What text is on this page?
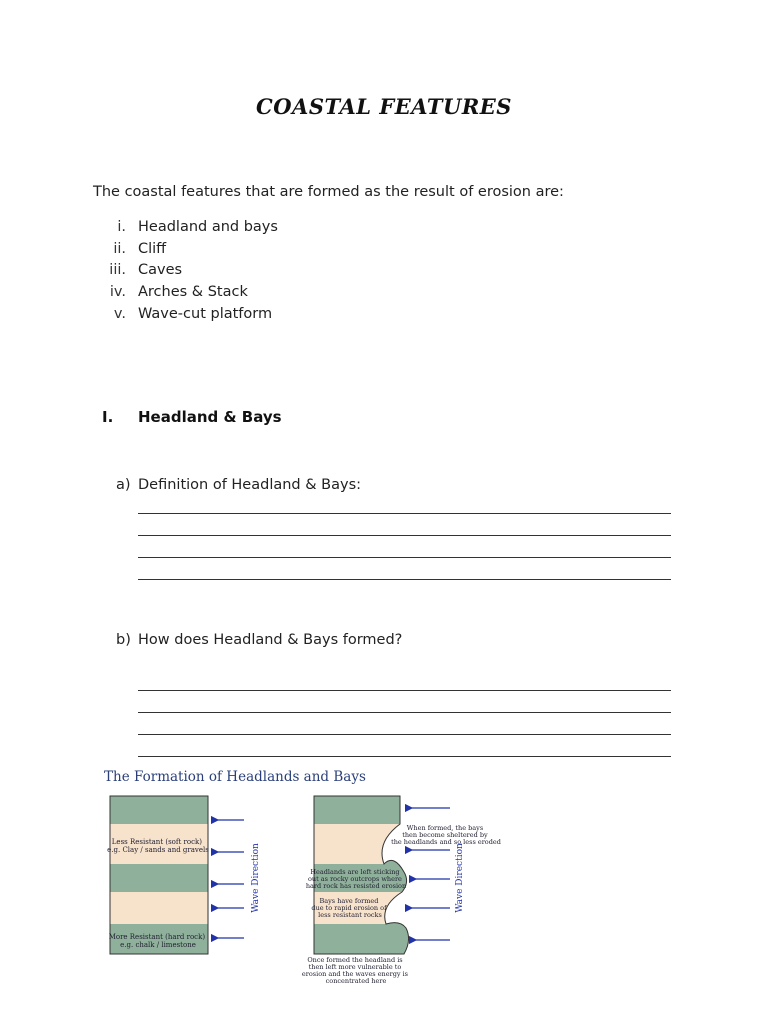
COASTAL FEATURES
The coastal features that are formed as the result of erosion are:
i. Headland and bays
ii. Cliff
iii. Caves
iv. Arches & Stack
v. Wave-cut platform
I.	Headland & Bays
a) Definition of Headland & Bays:
b) How does Headland & Bays formed?
The Formation of Headlands and Bays
Less Resistant (soft rock) e.g. Clay / sands and gravels
More Resistant (hard rock) e.g. chalk / limestone
Wave Direction
When formed, the bays then become sheltered by the headlands and so less eroded
Headlands are left sticking out as rocky outcrops where hard rock has resisted erosion
Bays have formed due to rapid erosion of less resistant rocks
Once formed the headland is then left more vulnerable to erosion and the waves energy is concentrated here
Wave Direction
